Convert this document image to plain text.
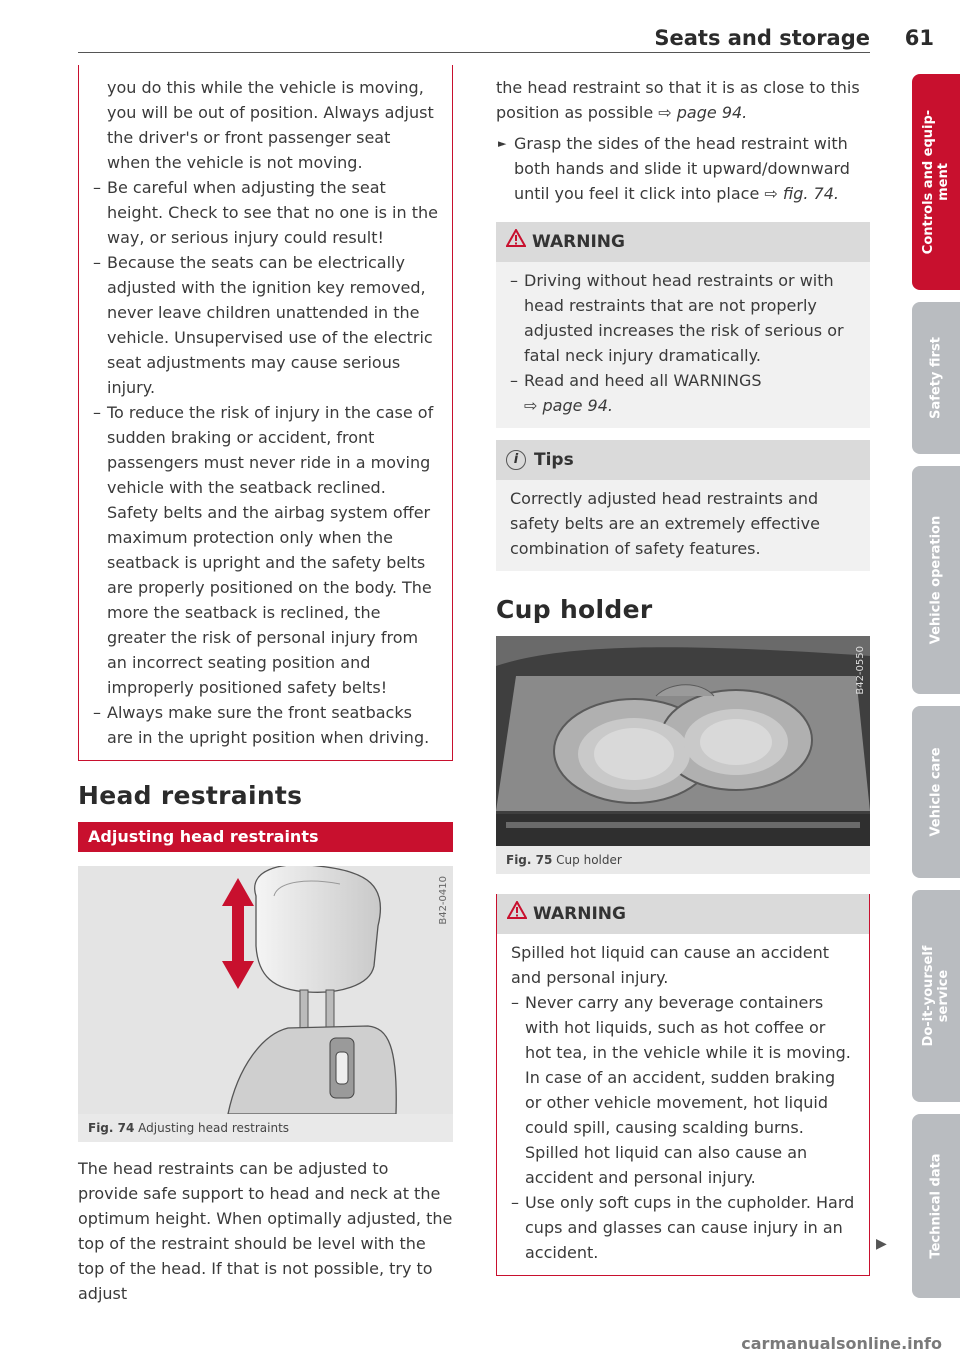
Seats and storage 61

you do this while the vehicle is moving, you will be out of position. Always adjust the driver's or front passenger seat when the vehicle is not moving.

– Be careful when adjusting the seat height. Check to see that no one is in the way, or serious injury could result!
– Because the seats can be electrically adjusted with the ignition key removed, never leave children unattended in the vehicle. Unsupervised use of the electric seat adjustments may cause serious injury.
– To reduce the risk of injury in the case of sudden braking or accident, front passengers must never ride in a moving vehicle with the seatback reclined. Safety belts and the airbag system offer maximum protection only when the seatback is upright and the safety belts are properly positioned on the body. The more the seatback is reclined, the greater the risk of personal injury from an incorrect seating position and improperly positioned safety belts!
– Always make sure the front seatbacks are in the upright position when driving.
Head restraints
Adjusting head restraints
B42-0410
Fig. 74 Adjusting head restraints

The head restraints can be adjusted to provide safe support to head and neck at the optimum height. When optimally adjusted, the top of the restraint should be level with the top of the head. If that is not possible, try to adjust

the head restraint so that it is as close to this position as possible ⇨ page 94.

► Grasp the sides of the head restraint with both hands and slide it upward/downward until you feel it click into place ⇨ fig. 74.

WARNING
– Driving without head restraints or with head restraints that are not properly adjusted increases the risk of serious or fatal neck injury dramatically.
– Read and heed all WARNINGS
⇨ page 94.
i Tips

Correctly adjusted head restraints and safety belts are an extremely effective combination of safety features.

Cup holder
B42-0550
Fig. 75 Cup holder
WARNING

Spilled hot liquid can cause an accident and personal injury.

– Never carry any beverage containers with hot liquids, such as hot coffee or hot tea, in the vehicle while it is moving. In case of an accident, sudden braking or other vehicle movement, hot liquid could spill, causing scalding burns. Spilled hot liquid can also cause an accident and personal injury.
– Use only soft cups in the cupholder. Hard cups and glasses can cause injury in an accident.	▶
Controls and equip-
ment
Safety first
Vehicle operation
Vehicle care
Do-it-yourself
service
Technical data
carmanualsonline.info
